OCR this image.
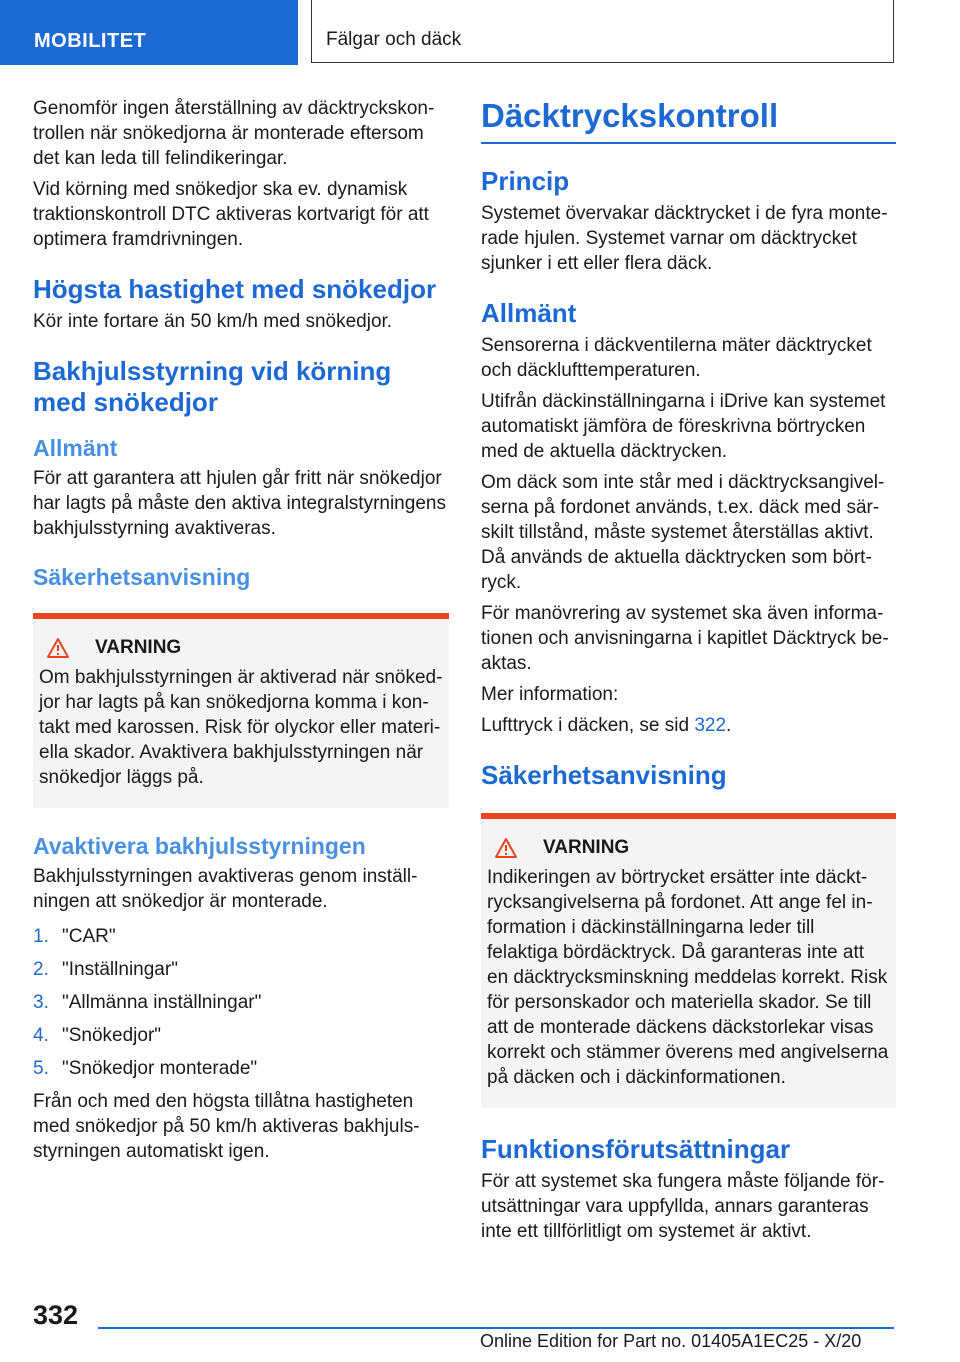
MOBILITET	Fälgar och däck

Genomför ingen återställning av däcktryckskontrollen när snökedjorna är monterade eftersom det kan leda till felindikeringar.

Vid körning med snökedjor ska ev. dynamisk traktionskontroll DTC aktiveras kortvarigt för att optimera framdrivningen.

Högsta hastighet med snökedjor

Kör inte fortare än 50 km/h med snökedjor.

Bakhjulsstyrning vid körning med snökedjor
Allmänt

För att garantera att hjulen går fritt när snökedjor har lagts på måste den aktiva integralstyrningens bakhjulsstyrning avaktiveras.

Säkerhetsanvisning
VARNING

Om bakhjulsstyrningen är aktiverad när snökedjor har lagts på kan snökedjorna komma i kontakt med karossen. Risk för olyckor eller materiella skador. Avaktivera bakhjulsstyrningen när snökedjor läggs på.

Avaktivera bakhjulsstyrningen

Bakhjulsstyrningen avaktiveras genom inställningen att snökedjor är monterade.

1. "CAR"
2. "Inställningar"
3. "Allmänna inställningar"
4. "Snökedjor"
5. "Snökedjor monterade"

Från och med den högsta tillåtna hastigheten med snökedjor på 50 km/h aktiveras bakhjulsstyrningen automatiskt igen.

Däcktryckskontroll
Princip

Systemet övervakar däcktrycket i de fyra monterade hjulen. Systemet varnar om däcktrycket sjunker i ett eller flera däck.

Allmänt

Sensorerna i däckventilerna mäter däcktrycket och däcklufttemperaturen.

Utifrån däckinställningarna i iDrive kan systemet automatiskt jämföra de föreskrivna börtrycken med de aktuella däcktrycken.

Om däck som inte står med i däcktrycksangivelserna på fordonet används, t.ex. däck med särskilt tillstånd, måste systemet återställas aktivt. Då används de aktuella däcktrycken som börtryck.

För manövrering av systemet ska även informationen och anvisningarna i kapitlet Däcktryck beaktas.

Mer information:

Lufttryck i däcken, se sid 322.

Säkerhetsanvisning
VARNING

Indikeringen av börtrycket ersätter inte däcktrycksangivelserna på fordonet. Att ange fel information i däckinställningarna leder till felaktiga bördäcktryck. Då garanteras inte att en däcktrycksminskning meddelas korrekt. Risk för personskador och materiella skador. Se till att de monterade däckens däckstorlekar visas korrekt och stämmer överens med angivelserna på däcken och i däckinformationen.

Funktionsförutsättningar

För att systemet ska fungera måste följande förutsättningar vara uppfyllda, annars garanteras inte ett tillförlitligt om systemet är aktivt.

332
Online Edition for Part no. 01405A1EC25 - X/20
